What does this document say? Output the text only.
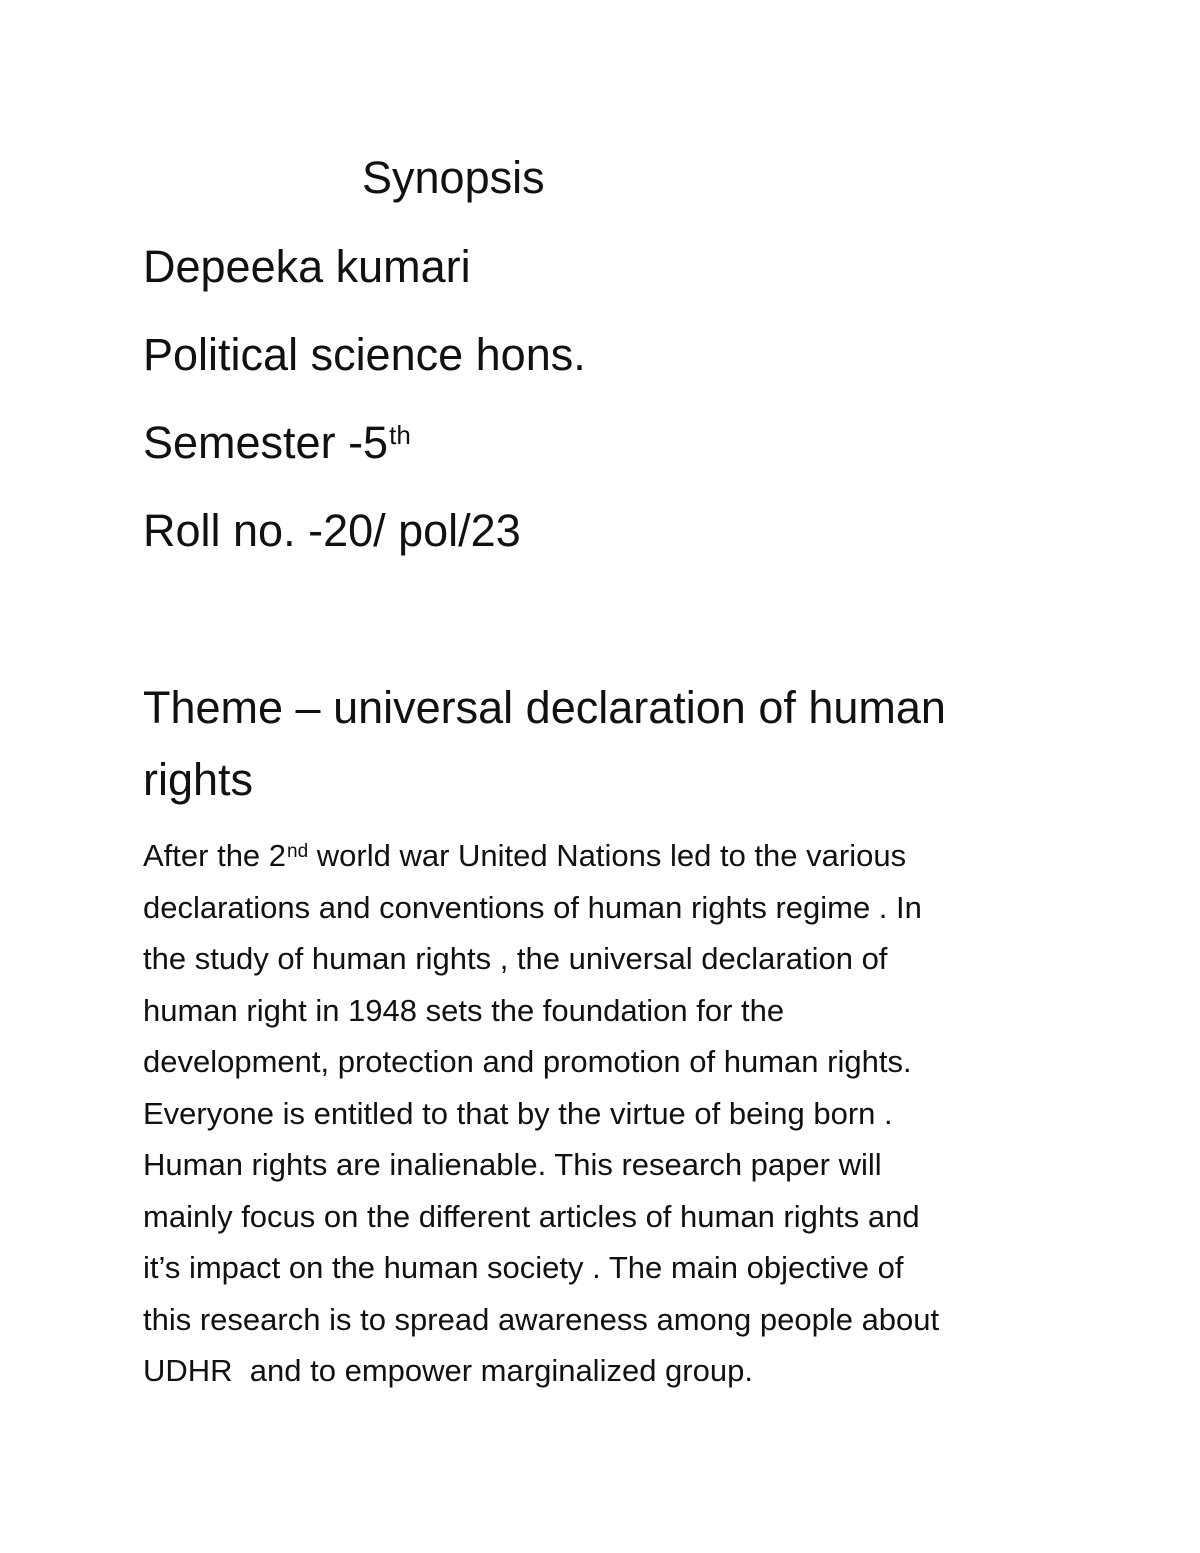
Synopsis

Depeeka kumari

Political science hons.

Semester -5th

Roll no. -20/ pol/23

Theme – universal declaration of human
rights
After the 2nd world war United Nations led to the various
declarations and conventions of human rights regime . In
the study of human rights , the universal declaration of
human right in 1948 sets the foundation for the
development, protection and promotion of human rights.
Everyone is entitled to that by the virtue of being born .
Human rights are inalienable. This research paper will
mainly focus on the different articles of human rights and
it’s impact on the human society . The main objective of
this research is to spread awareness among people about
UDHR  and to empower marginalized group.
